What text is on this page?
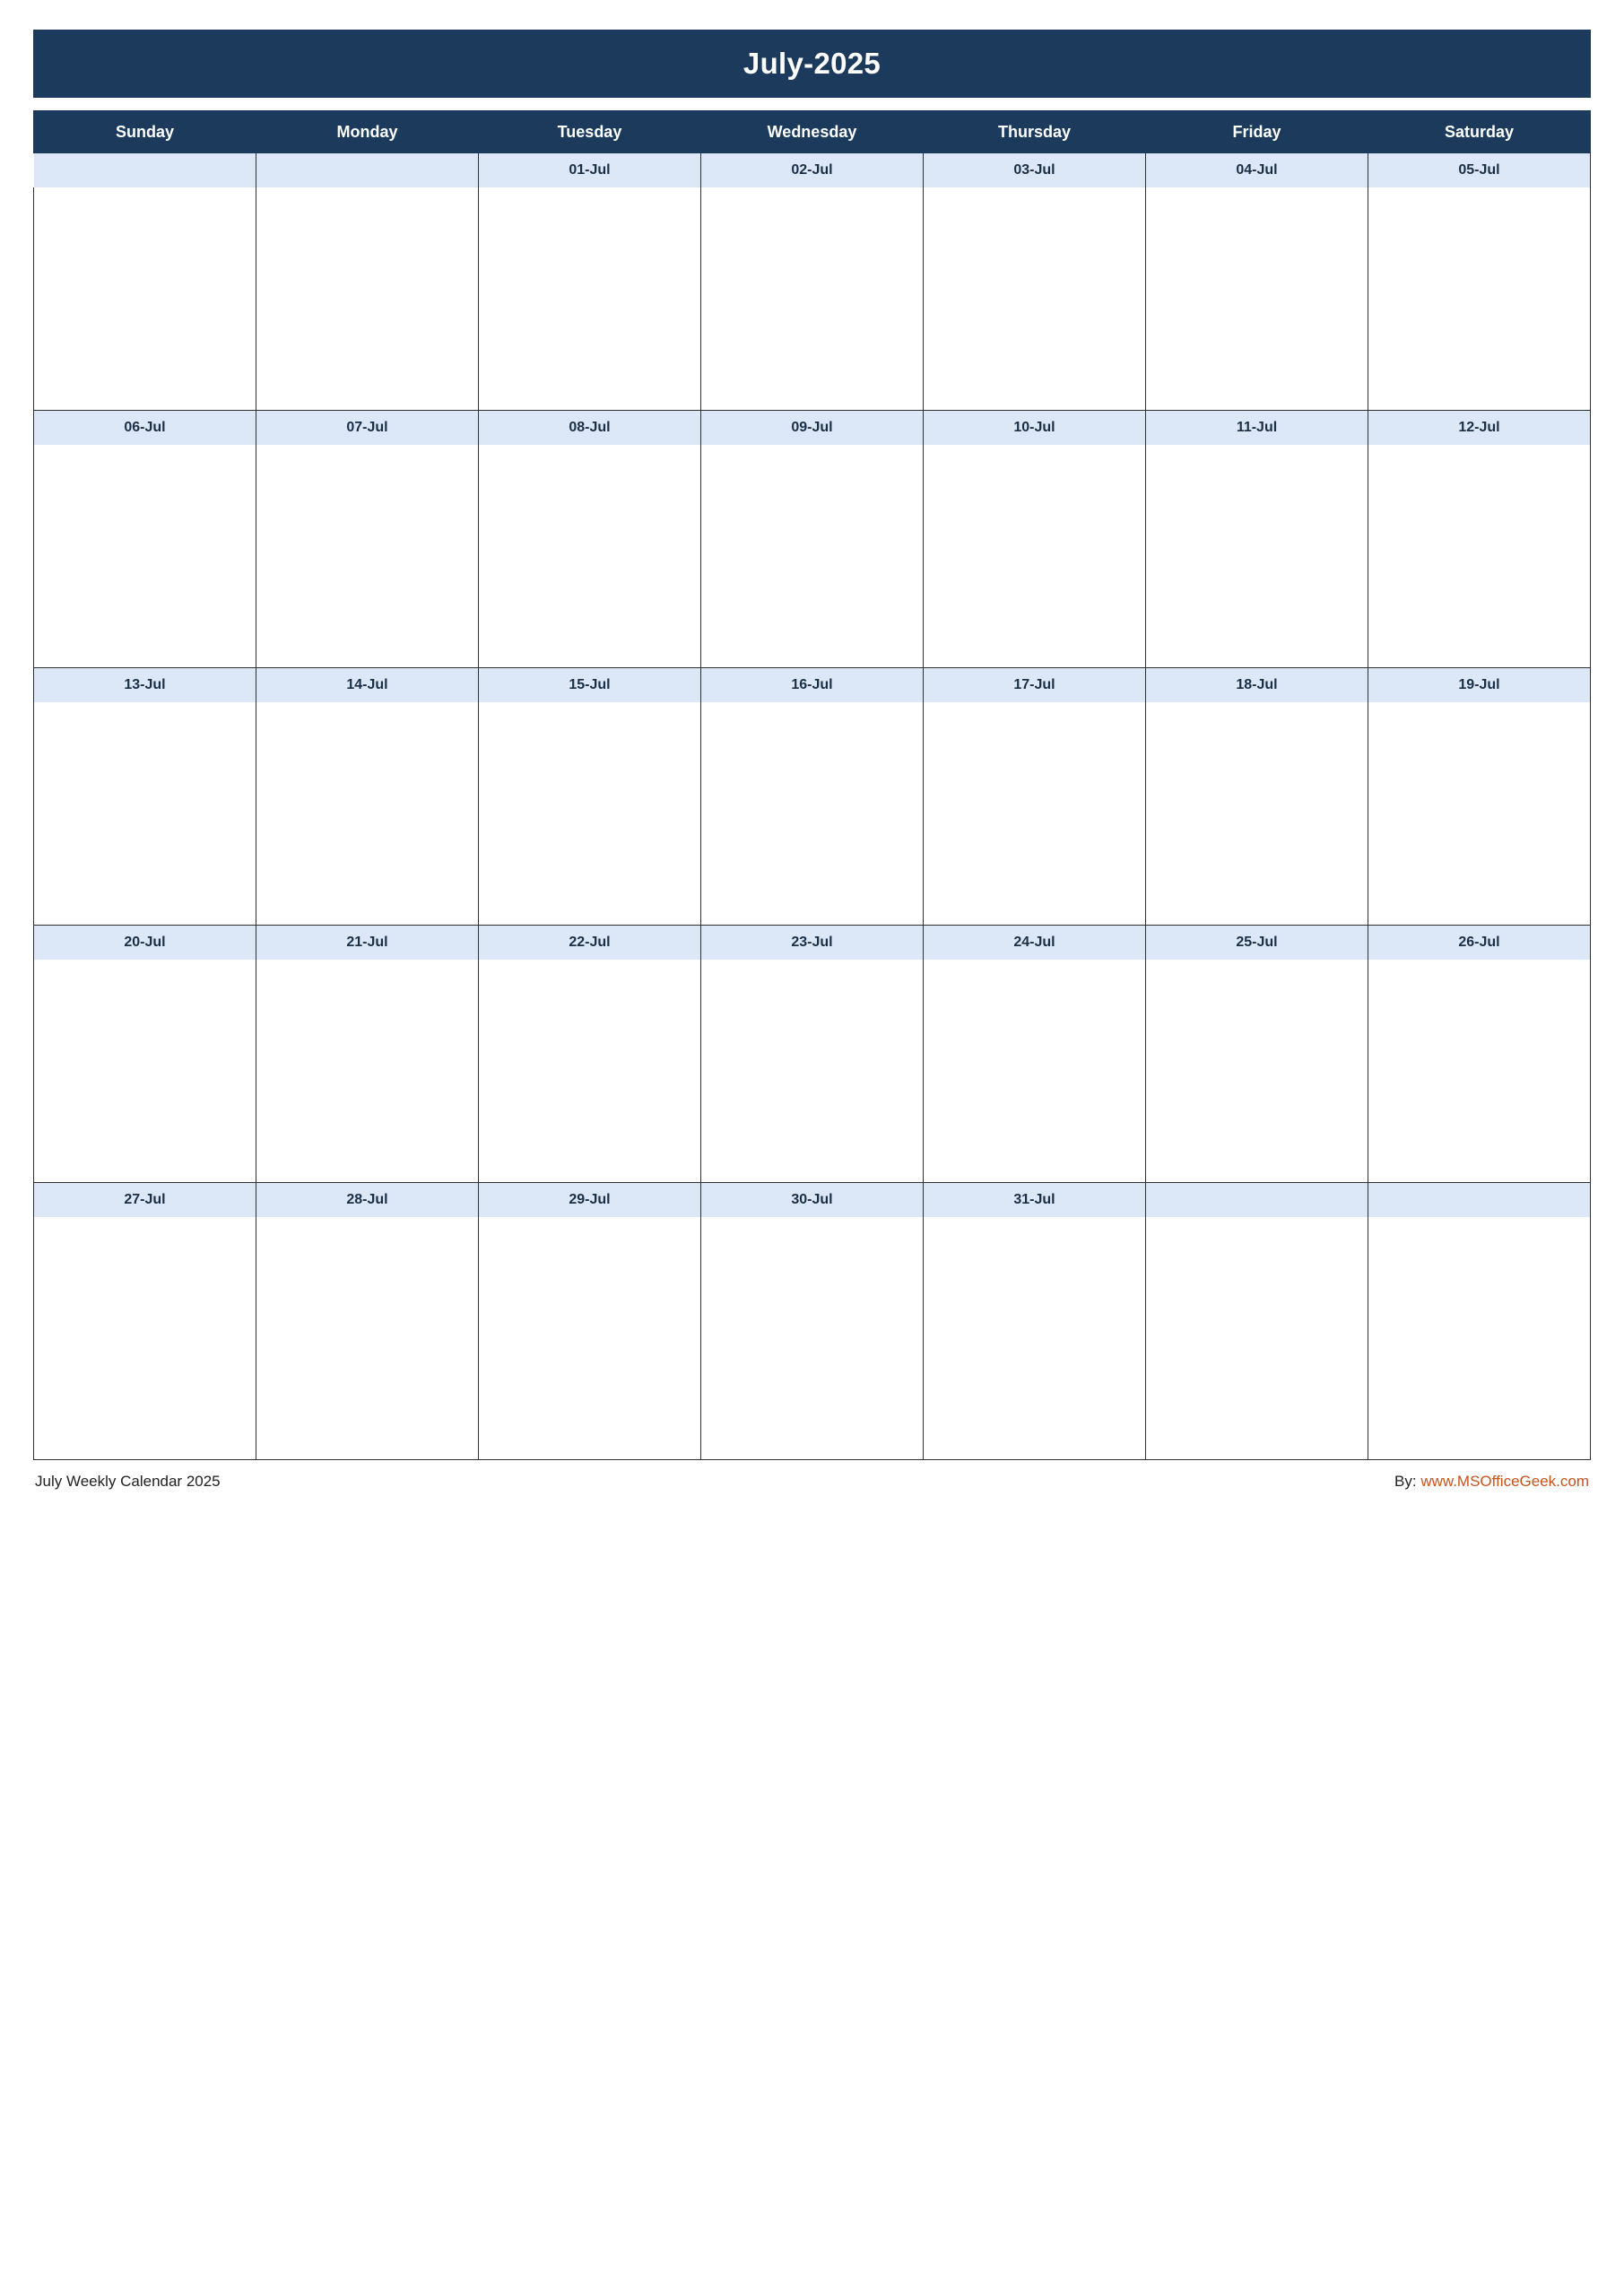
July-2025
Sunday	Monday	Tuesday	Wednesday	Thursday	Friday	Saturday
		01-Jul	02-Jul	03-Jul	04-Jul	05-Jul

06-Jul	07-Jul	08-Jul	09-Jul	10-Jul	11-Jul	12-Jul

13-Jul	14-Jul	15-Jul	16-Jul	17-Jul	18-Jul	19-Jul

20-Jul	21-Jul	22-Jul	23-Jul	24-Jul	25-Jul	26-Jul

27-Jul	28-Jul	29-Jul	30-Jul	31-Jul		

July Weekly Calendar 2025	By: www.MSOfficeGeek.com
